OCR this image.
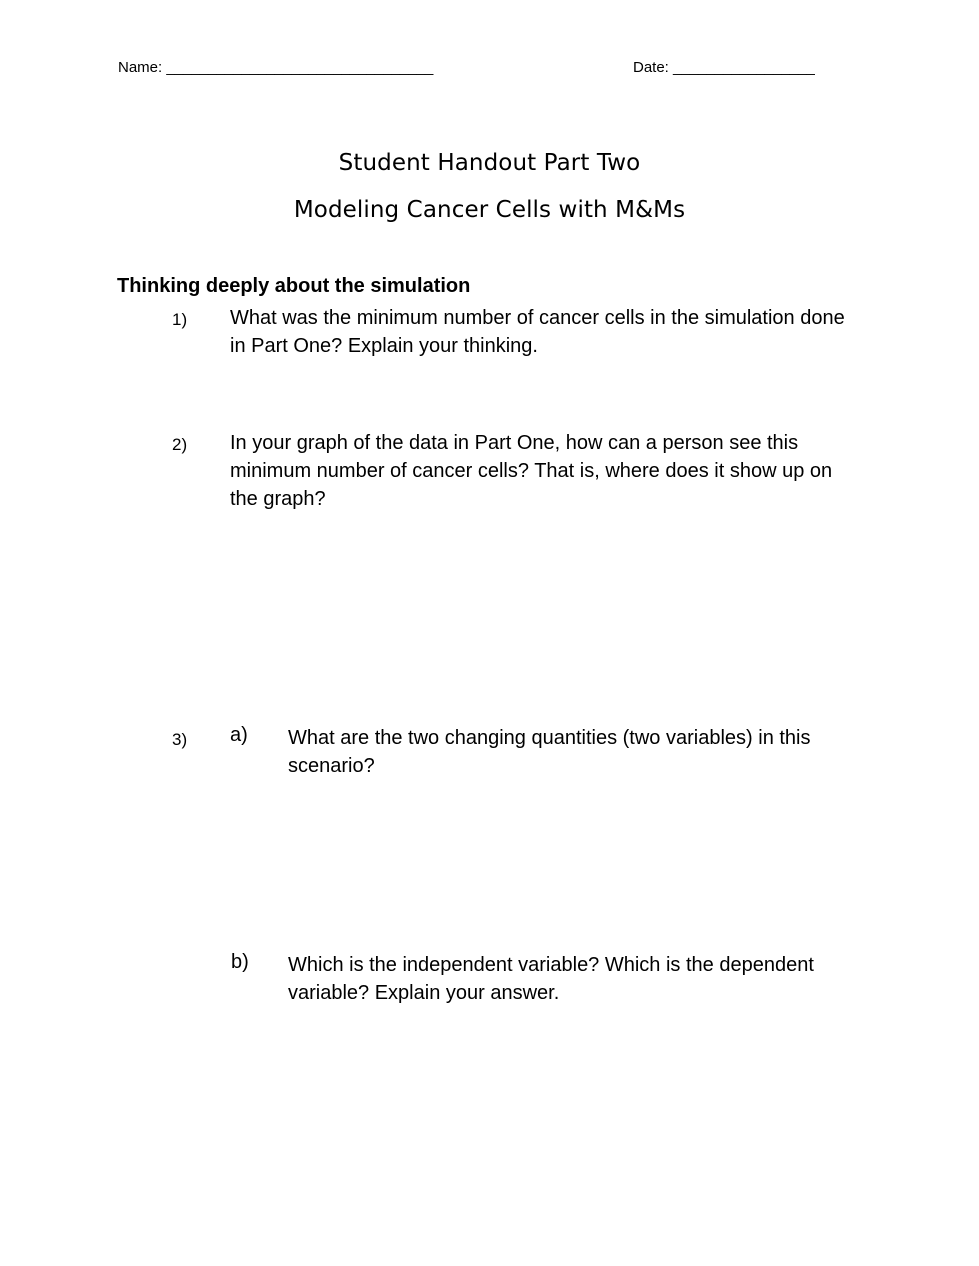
Name: ________________________________	Date: _________________
Student Handout Part Two
Modeling Cancer Cells with M&Ms
Thinking deeply about the simulation
1) What was the minimum number of cancer cells in the simulation done in Part One? Explain your thinking.
2) In your graph of the data in Part One, how can a person see this minimum number of cancer cells? That is, where does it show up on the graph?
3) a) What are the two changing quantities (two variables) in this scenario?
b) Which is the independent variable? Which is the dependent variable? Explain your answer.
